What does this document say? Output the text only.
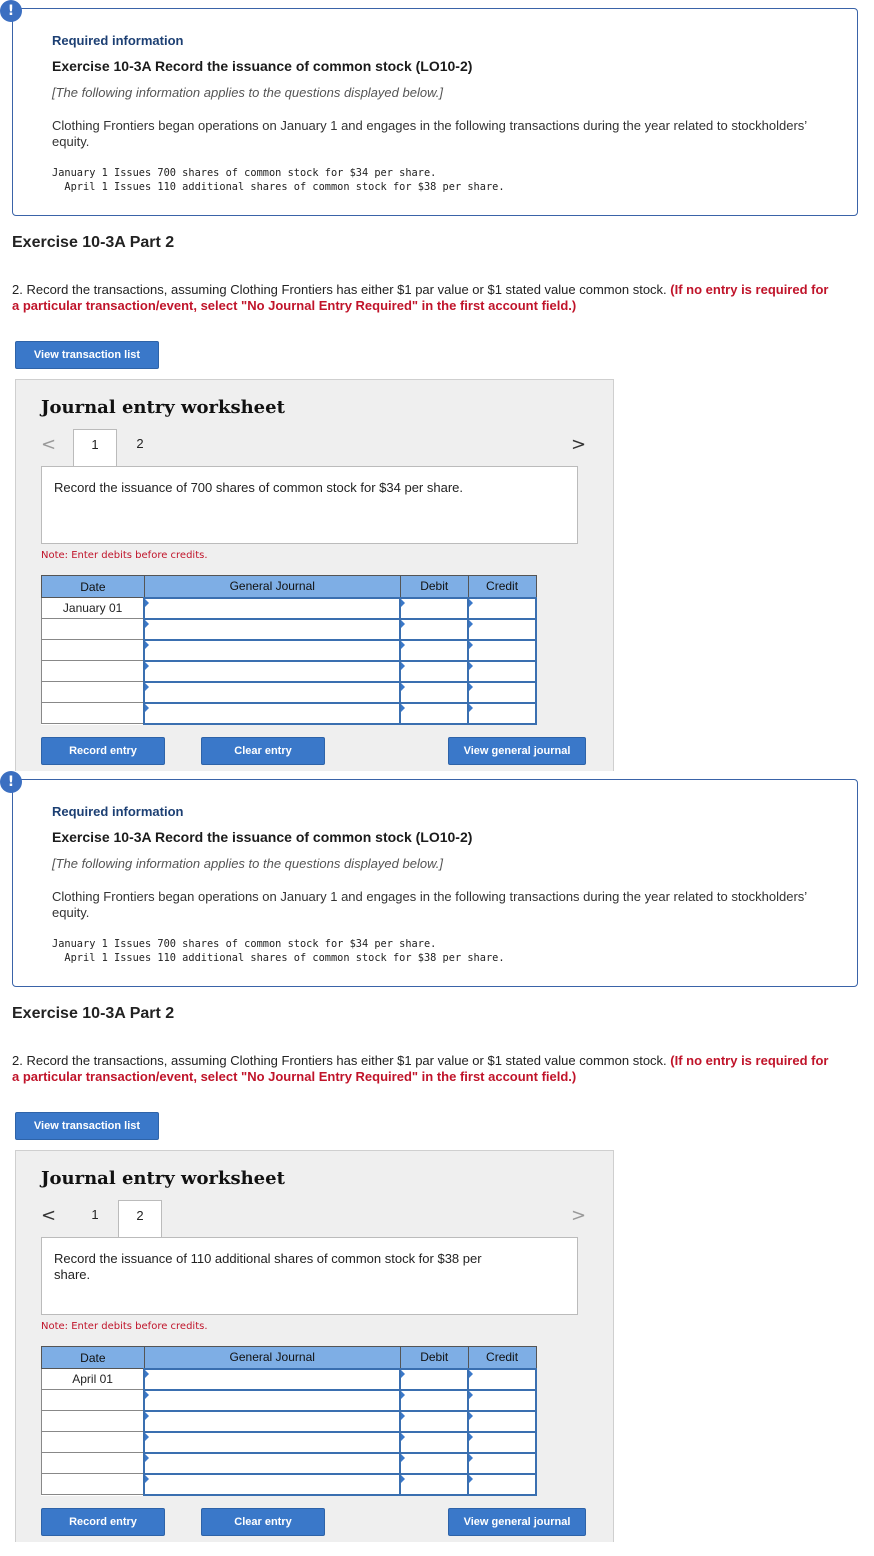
Required information
Exercise 10-3A Record the issuance of common stock (LO10-2)
[The following information applies to the questions displayed below.]
Clothing Frontiers began operations on January 1 and engages in the following transactions during the year related to stockholders’ equity.
January 1 Issues 700 shares of common stock for $34 per share.
April 1 Issues 110 additional shares of common stock for $38 per share.
!
Exercise 10-3A Part 2
2. Record the transactions, assuming Clothing Frontiers has either $1 par value or $1 stated value common stock. (If no entry is required for a particular transaction/event, select "No Journal Entry Required" in the first account field.)
View transaction list
Journal entry worksheet
<	1	2	>
Record the issuance of 700 shares of common stock for $34 per share.
Note: Enter debits before credits.
Date	General Journal	Debit	Credit
January 01	

Record entry	Clear entry	View general journal
Required information
Exercise 10-3A Record the issuance of common stock (LO10-2)
[The following information applies to the questions displayed below.]
Clothing Frontiers began operations on January 1 and engages in the following transactions during the year related to stockholders’ equity.
January 1 Issues 700 shares of common stock for $34 per share.
April 1 Issues 110 additional shares of common stock for $38 per share.
!
Exercise 10-3A Part 2
2. Record the transactions, assuming Clothing Frontiers has either $1 par value or $1 stated value common stock. (If no entry is required for a particular transaction/event, select "No Journal Entry Required" in the first account field.)
View transaction list
Journal entry worksheet
<	1	2	>
Record the issuance of 110 additional shares of common stock for $38 per share.
Note: Enter debits before credits.
Date	General Journal	Debit	Credit
April 01	

Record entry	Clear entry	View general journal
